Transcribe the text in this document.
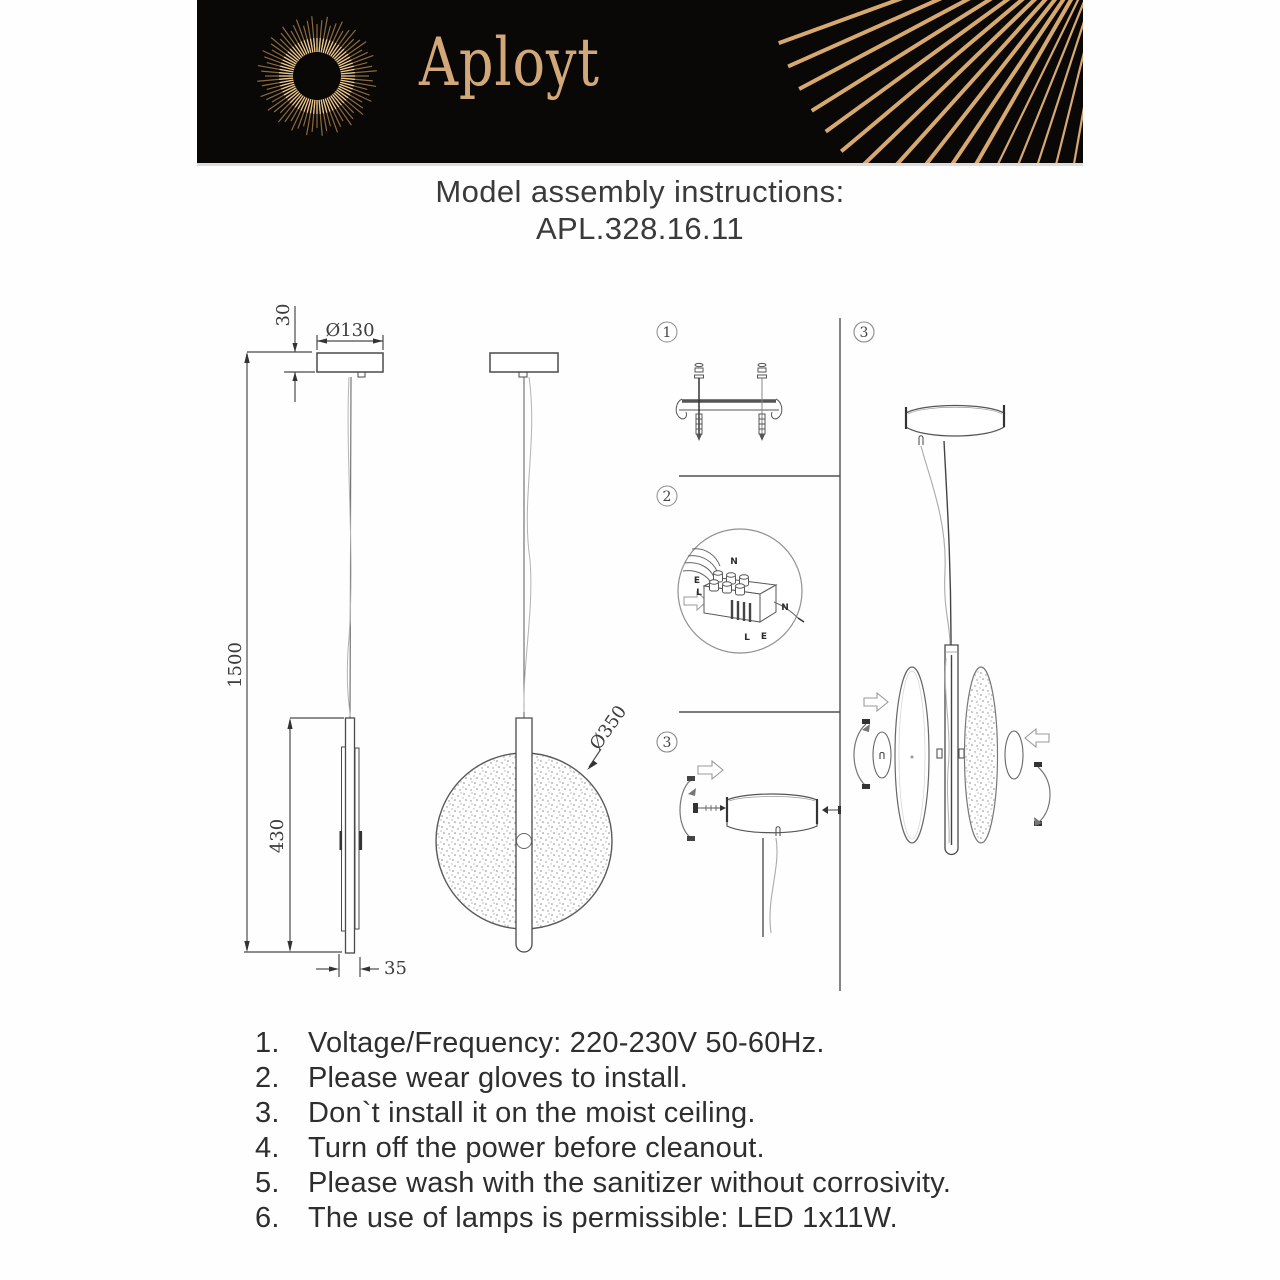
Aployt
Model assembly instructions:
APL.328.16.11
1500
30
Ø130
430
35
Ø350
1
2
N
E
L
N
L E
3
3
1. Voltage/Frequency: 220-230V 50-60Hz.
2. Please wear gloves to install.
3. Don`t install it on the moist ceiling.
4. Turn off the power before cleanout.
5. Please wash with the sanitizer without corrosivity.
6. The use of lamps is permissible: LED 1x11W.
